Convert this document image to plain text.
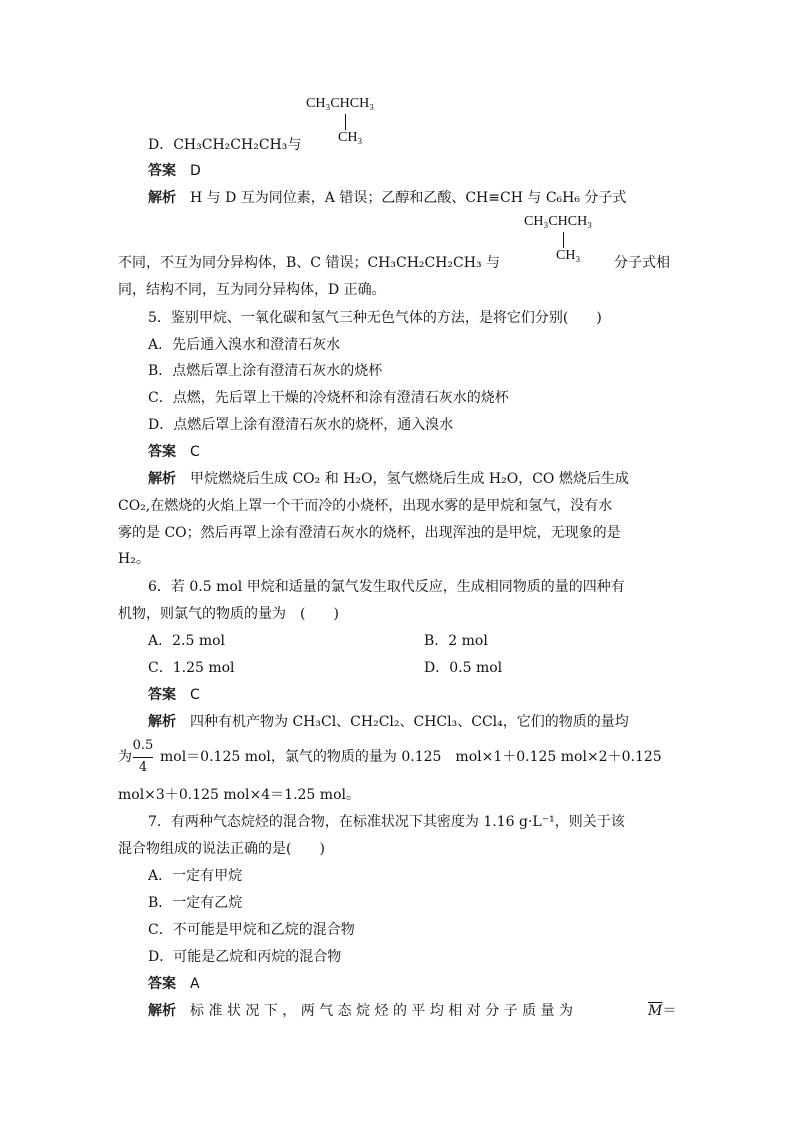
CH₃CHCH₃
CH₃
D．CH₃CH₂CH₂CH₃与
答案　 D
解析　 H 与 D 互为同位素，A 错误；乙醇和乙酸、CH≡CH 与 C₆H₆ 分子式
CH₃CHCH₃
CH₃
不同，不互为同分异构体，B、C 错误；CH₃CH₂CH₂CH₃ 与	分子式相
同，结构不同，互为同分异构体，D 正确。
5．鉴别甲烷、一氧化碳和氢气三种无色气体的方法，是将它们分别(　　)
A．先后通入溴水和澄清石灰水
B．点燃后罩上涂有澄清石灰水的烧杯
C．点燃，先后罩上干燥的冷烧杯和涂有澄清石灰水的烧杯
D．点燃后罩上涂有澄清石灰水的烧杯，通入溴水
答案　 C
解析　 甲烷燃烧后生成 CO₂ 和 H₂O，氢气燃烧后生成 H₂O，CO 燃烧后生成
CO₂,在燃烧的火焰上罩一个干而冷的小烧杯，出现水雾的是甲烷和氢气，没有水
雾的是 CO；然后再罩上涂有澄清石灰水的烧杯，出现浑浊的是甲烷，无现象的是
H₂。
6．若 0.5 mol 甲烷和适量的氯气发生取代反应，生成相同物质的量的四种有
机物，则氯气的物质的量为　(　　)
A．2.5 mol	B．2 mol
C．1.25 mol	D．0.5 mol
答案　 C
解析　 四种有机产物为 CH₃Cl、CH₂Cl₂、CHCl₃、CCl₄，它们的物质的量均
为
0.5
4
mol＝0.125 mol，氯气的物质的量为 0.125　mol×1＋0.125 mol×2＋0.125
mol×3＋0.125 mol×4＝1.25 mol。
7．有两种气态烷烃的混合物，在标准状况下其密度为 1.16 g·L⁻¹，则关于该
混合物组成的说法正确的是(　　)
A．一定有甲烷
B．一定有乙烷
C．不可能是甲烷和乙烷的混合物
D．可能是乙烷和丙烷的混合物
答案　 A
解析　 标 准 状 况 下 ， 两 气 态 烷 烃 的 平 均 相 对 分 子 质 量 为	$\overline{M}=$
